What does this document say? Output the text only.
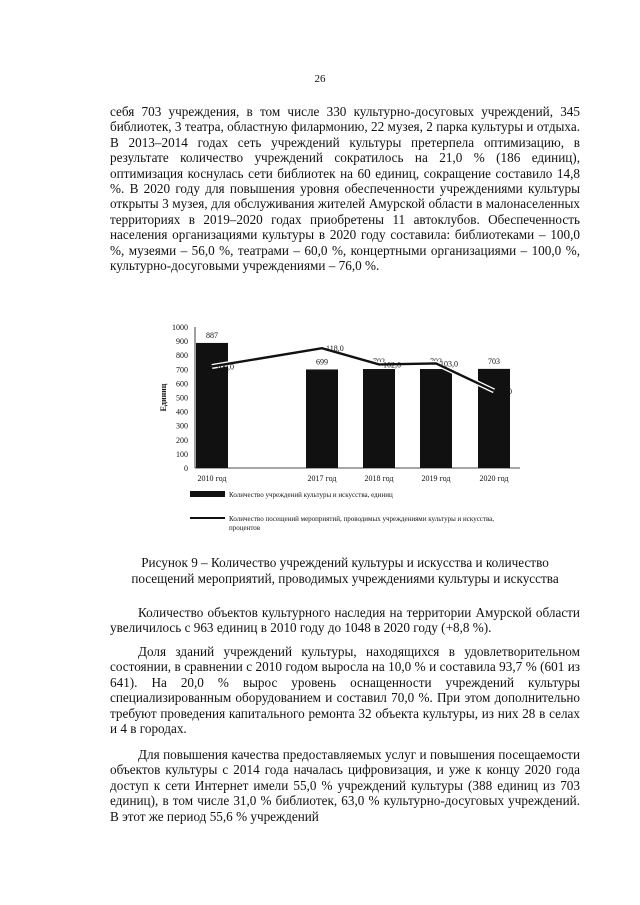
26

себя 703 учреждения, в том числе 330 культурно-досуговых учреждений, 345 библиотек, 3 театра, областную филармонию, 22 музея, 2 парка культуры и отдыха. В 2013–2014 годах сеть учреждений культуры претерпела оптимизацию, в результате количество учреждений сократилось на 21,0 % (186 единиц), оптимизация коснулась сети библиотек на 60 единиц, сокращение составило 14,8 %. В 2020 году для повышения уровня обеспеченности учреждениями культуры открыты 3 музея, для обслуживания жителей Амурской области в малонаселенных территориях в 2019–2020 годах приобретены 11 автоклубов. Обеспеченность населения организациями культуры в 2020 году составила: библиотеками – 100,0 %, музеями – 56,0 %, театрами – 60,0 %, концертными организациями – 100,0 %, культурно-досуговыми учреждениями – 76,0 %.

0
100
200
300
400
500
600
700
800
900
1000
Единиц
887
699	702	702	703
100,0
118,0
102,0	103,0
76,0
2010 год	2017 год	2018 год	2019 год	2020 год
Количество учреждений культуры и искусства, единиц
Количество посещений мероприятий, проводимых учреждениями культуры и искусства, процентов

Рисунок 9 – Количество учреждений культуры и искусства и количество посещений мероприятий, проводимых учреждениями культуры и искусства

Количество объектов культурного наследия на территории Амурской области увеличилось с 963 единиц в 2010 году до 1048 в 2020 году (+8,8 %).

Доля зданий учреждений культуры, находящихся в удовлетворительном состоянии, в сравнении с 2010 годом выросла на 10,0 % и составила 93,7 % (601 из 641). На 20,0 % вырос уровень оснащенности учреждений культуры специализированным оборудованием и составил 70,0 %. При этом дополнительно требуют проведения капитального ремонта 32 объекта культуры, из них 28 в селах и 4 в городах.

Для повышения качества предоставляемых услуг и повышения посещаемости объектов культуры с 2014 года началась цифровизация, и уже к концу 2020 года доступ к сети Интернет имели 55,0 % учреждений культуры (388 единиц из 703 единиц), в том числе 31,0 % библиотек, 63,0 % культурно-досуговых учреждений. В этот же период 55,6 % учреждений
